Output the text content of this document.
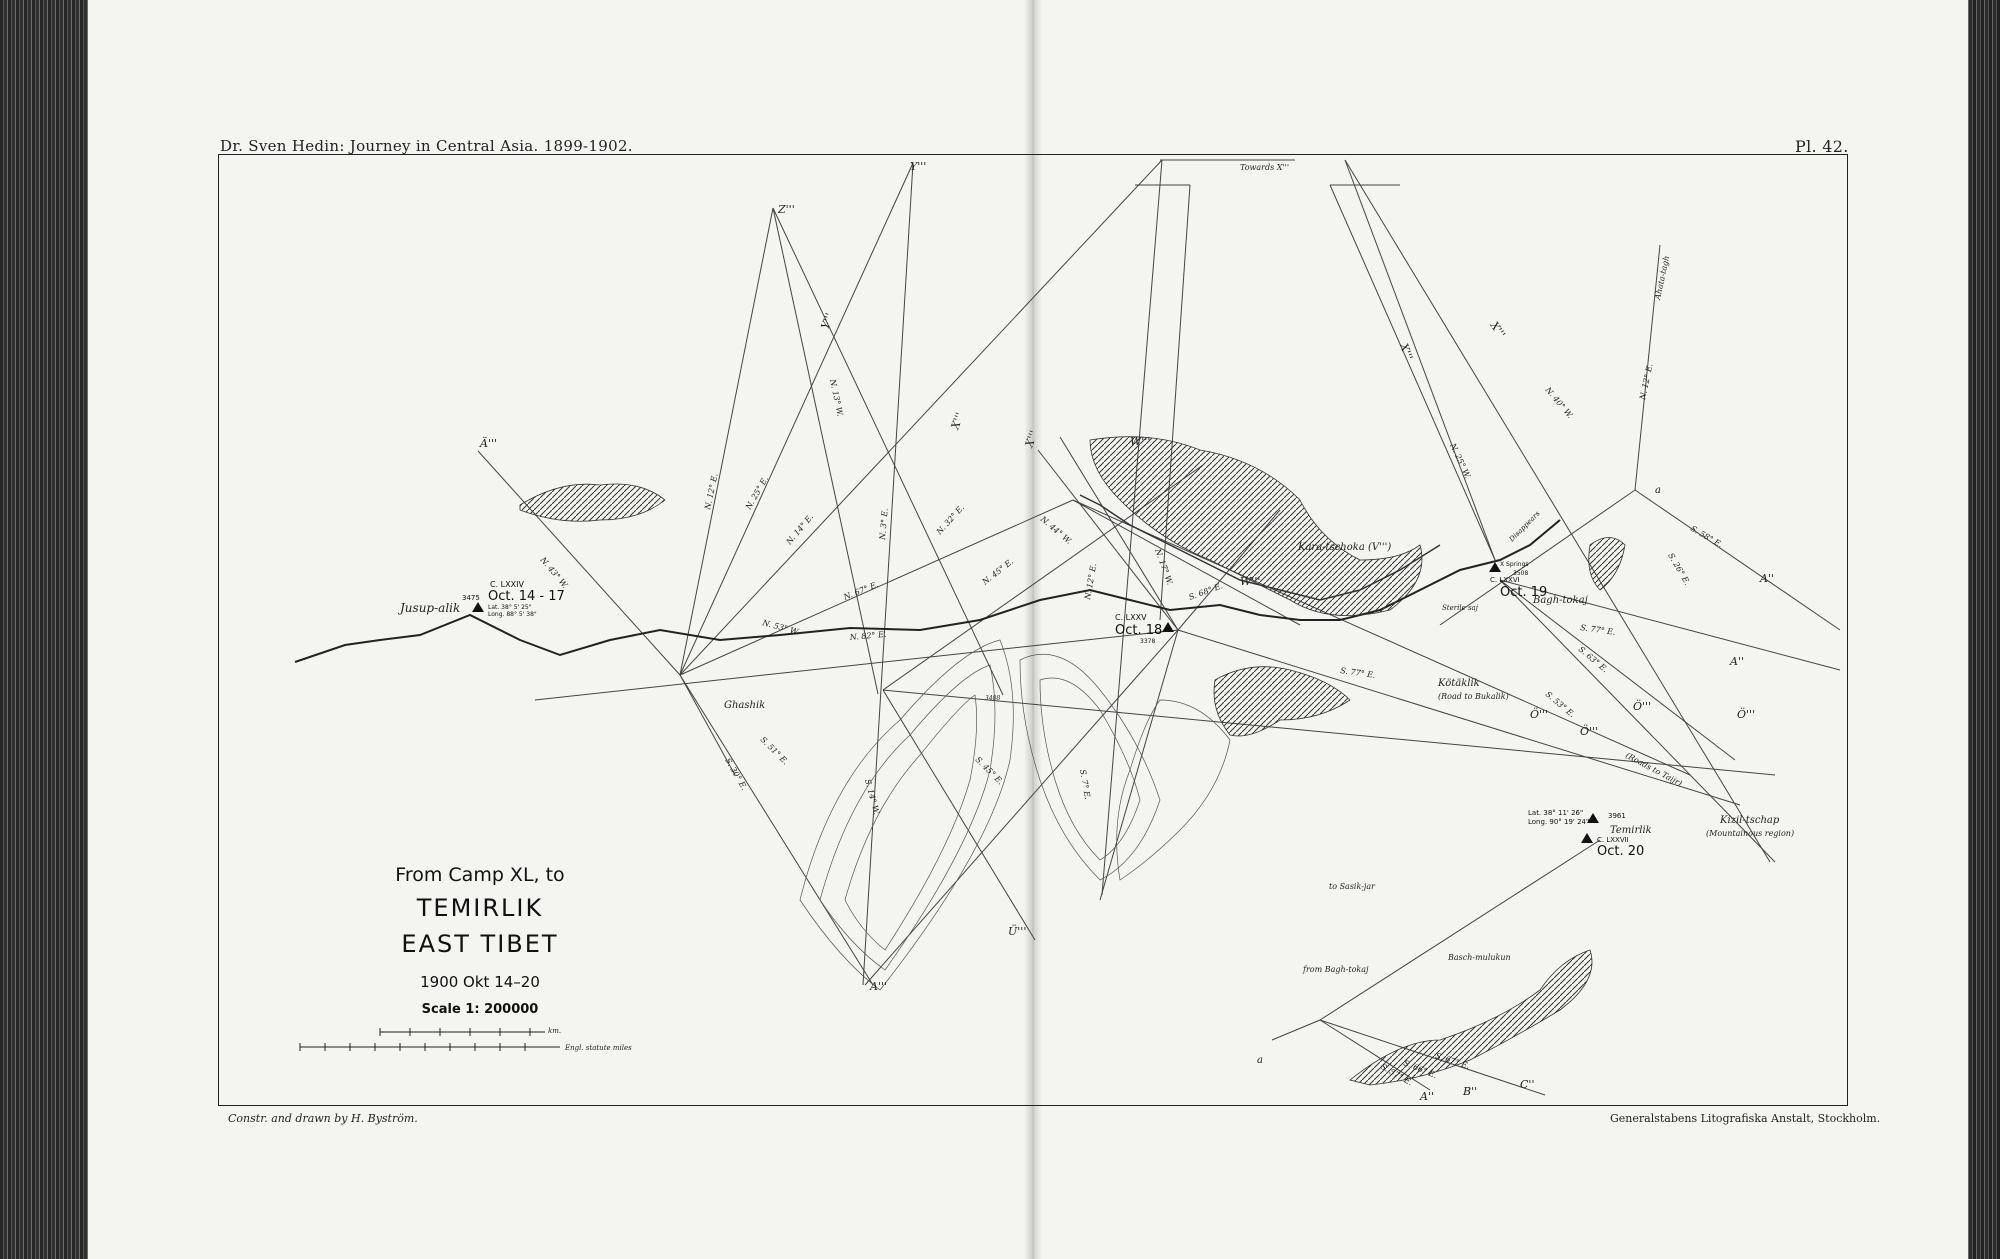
Dr. Sven Hedin: Journey in Central Asia. 1899-1902.	Pl. 42.
C. LXXIV
Oct. 14 - 17
3475
Lat. 38° 5' 25"
Long. 88° 5' 38"	C. LXXV
Oct. 18
3378
X Springs
3508
C. LXXVI
Oct. 19
Lat. 38° 11' 26"
Long. 90° 19' 24"
3961
C. LXXVII
Oct. 20
Jusup-alik
Ghashik
Kara-tschoka (V''')
Bagh-tokaj
Kötäklik
(Road to Bukalik)
Kizil-tschap
(Mountainous region)
Temirlik
(Roads to Taijr)
Disappears
Sterile saj
Towards X'''
to Sasik-jar
Basch-mulukun
from Bagh-tokaj
Ahata-tagh
a
a
3488
Ä'''
Z'''
Y'''
Y'''
X'''
X'''
X'''
X'''
W'''
W'''	A''
A''
Ö'''
Ö'''
Ö'''
Ö'''
Ü'''
A'''
B''
C''
A''
N. 12° E.	N. 25° E.
N. 14° E.
N. 67° E.
N. 3° E.	N. 32° E.
N. 45° E.
N. 53° W.	N. 82° E.
N. 43° W.
N. 13° W.
N. 44° W.
N. 12° E.	N. 17° W.
S. 68° E.
N. 25° W.
N. 40° W.
N. 12° E.
S. 58° E.
S. 26° E.
S. 77° E.
S. 77° E.	S. 63° E.
S. 53° E.
S. 51° E.
S. 30° E.
S. 14° W.
S. 45° E.	S. 7° E.
S. 67° E.
S. 66° E.
S. 57° E.
km.
Engl. statute miles
From Camp XL, to
TEMIRLIK
EAST TIBET
1900 Okt 14–20
Scale 1: 200000
Constr. and drawn by H. Byström.	Generalstabens Litografiska Anstalt, Stockholm.
